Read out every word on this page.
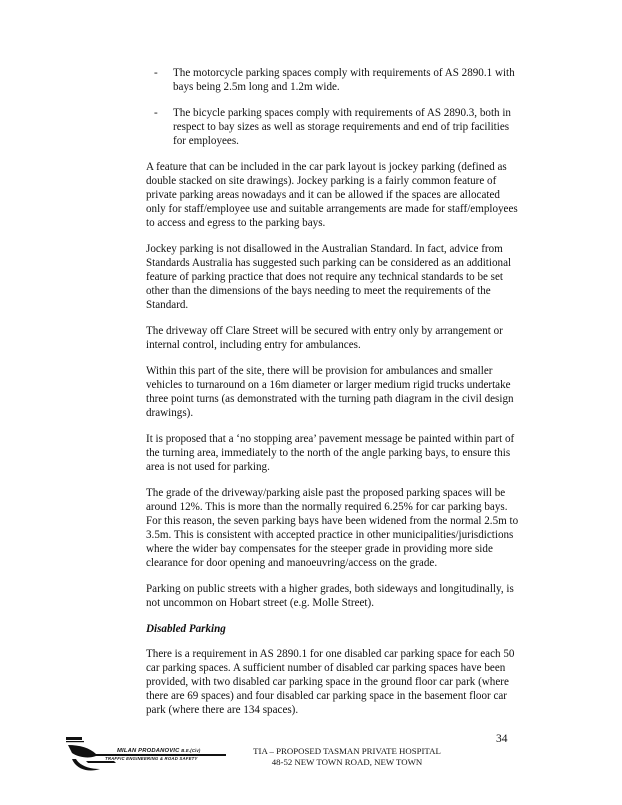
- The motorcycle parking spaces comply with requirements of AS 2890.1 with bays being 2.5m long and 1.2m wide.
- The bicycle parking spaces comply with requirements of AS 2890.3, both in respect to bay sizes as well as storage requirements and end of trip facilities for employees.

A feature that can be included in the car park layout is jockey parking (defined as double stacked on site drawings). Jockey parking is a fairly common feature of private parking areas nowadays and it can be allowed if the spaces are allocated only for staff/employee use and suitable arrangements are made for staff/employees to access and egress to the parking bays.

Jockey parking is not disallowed in the Australian Standard. In fact, advice from Standards Australia has suggested such parking can be considered as an additional feature of parking practice that does not require any technical standards to be set other than the dimensions of the bays needing to meet the requirements of the Standard.

The driveway off Clare Street will be secured with entry only by arrangement or internal control, including entry for ambulances.

Within this part of the site, there will be provision for ambulances and smaller vehicles to turnaround on a 16m diameter or larger medium rigid trucks undertake three point turns (as demonstrated with the turning path diagram in the civil design drawings).

It is proposed that a ‘no stopping area’ pavement message be painted within part of the turning area, immediately to the north of the angle parking bays, to ensure this area is not used for parking.

The grade of the driveway/parking aisle past the proposed parking spaces will be around 12%. This is more than the normally required 6.25% for car parking bays. For this reason, the seven parking bays have been widened from the normal 2.5m to 3.5m. This is consistent with accepted practice in other municipalities/jurisdictions where the wider bay compensates for the steeper grade in providing more side clearance for door opening and manoeuvring/access on the grade.

Parking on public streets with a higher grades, both sideways and longitudinally, is not uncommon on Hobart street (e.g. Molle Street).

Disabled Parking

There is a requirement in AS 2890.1 for one disabled car parking space for each 50 car parking spaces. A sufficient number of disabled car parking spaces have been provided, with two disabled car parking space in the ground floor car park (where there are 69 spaces) and four disabled car parking space in the basement floor car park (where there are 134 spaces).

34
MILAN PRODANOVIC B.E.(Civ)
TRAFFIC ENGINEERING & ROAD SAFETY
TIA – PROPOSED TASMAN PRIVATE HOSPITAL
48-52 NEW TOWN ROAD, NEW TOWN
